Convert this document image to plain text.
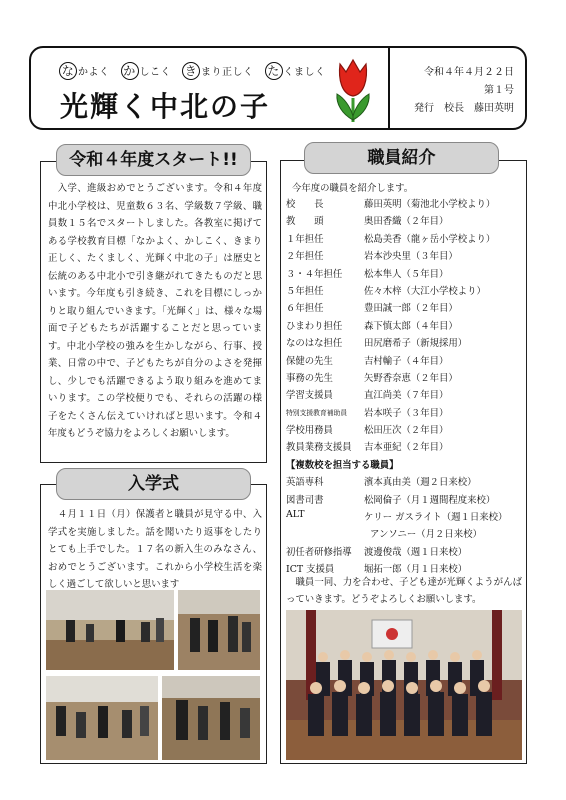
な かよく か しこく き まり正しく た くましく
光輝く中北の子
令和４年４月２２日
第１号
発行　校長　藤田英明
令和４年度スタート!!
　入学、進級おめでとうございます。令和４年度中北小学校は、児童数６３名、学級数７学級、職員数１５名でスタートしました。各教室に掲げてある学校教育目標「なかよく、かしこく、きまり正しく、たくましく、光輝く中北の子」は歴史と伝統のある中北小で引き継がれてきたものだと思います。今年度も引き続き、これを目標にしっかりと取り組んでいきます。「光輝く」は、様々な場面で子どもたちが活躍することだと思っています。中北小学校の強みを生かしながら、行事、授業、日常の中で、子どもたちが自分のよさを発揮し、少しでも活躍できるよう取り組みを進めてまいります。この学校便りでも、それらの活躍の様子をたくさん伝えていければと思います。令和４年度もどうぞ協力をよろしくお願いします。
入学式
　４月１１日（月）保護者と職員が見守る中、入学式を実施しました。話を聞いたり返事をしたりとても上手でした。１７名の新入生のみなさん、おめでとうございます。これから小学校生活を楽しく過ごして欲しいと思います
職員紹介
今年度の職員を紹介します。
校　　長	藤田英明（菊池北小学校より）
教　　頭	奥田香織（２年目）
１年担任	松島美香（龍ヶ岳小学校より）
２年担任	岩本沙央里（３年目）
３・４年担任 松本隼人（５年目）
５年担任	佐々木梓（大江小学校より）
６年担任	豊田誠一郎（２年目）
ひまわり担任 森下慎太郎（４年目）
なのはな担任 田尻磨希子（新規採用）
保健の先生	吉村輸子（４年目）
事務の先生	矢野香奈恵（２年目）
学習支援員	直江尚美（７年目）
特別支援教育補助員 岩本咲子（３年目）
学校用務員	松田圧次（２年目）
教員業務支援員 吉本亜紀（２年目）
【複数校を担当する職員】
英語専科	濱本真由美（週２日来校）
図書司書	松岡倫子（月１週間程度来校）
ALT	ケリー ガスライト（週１日来校）
アンソニー（月２日来校）
初任者研修指導 渡邊俊哉（週１日来校）
ICT 支援員	堀拓一郎（月１日来校）
　職員一同、力を合わせ、子ども達が光輝くようがんばっていきます。どうぞよろしくお願いします。
